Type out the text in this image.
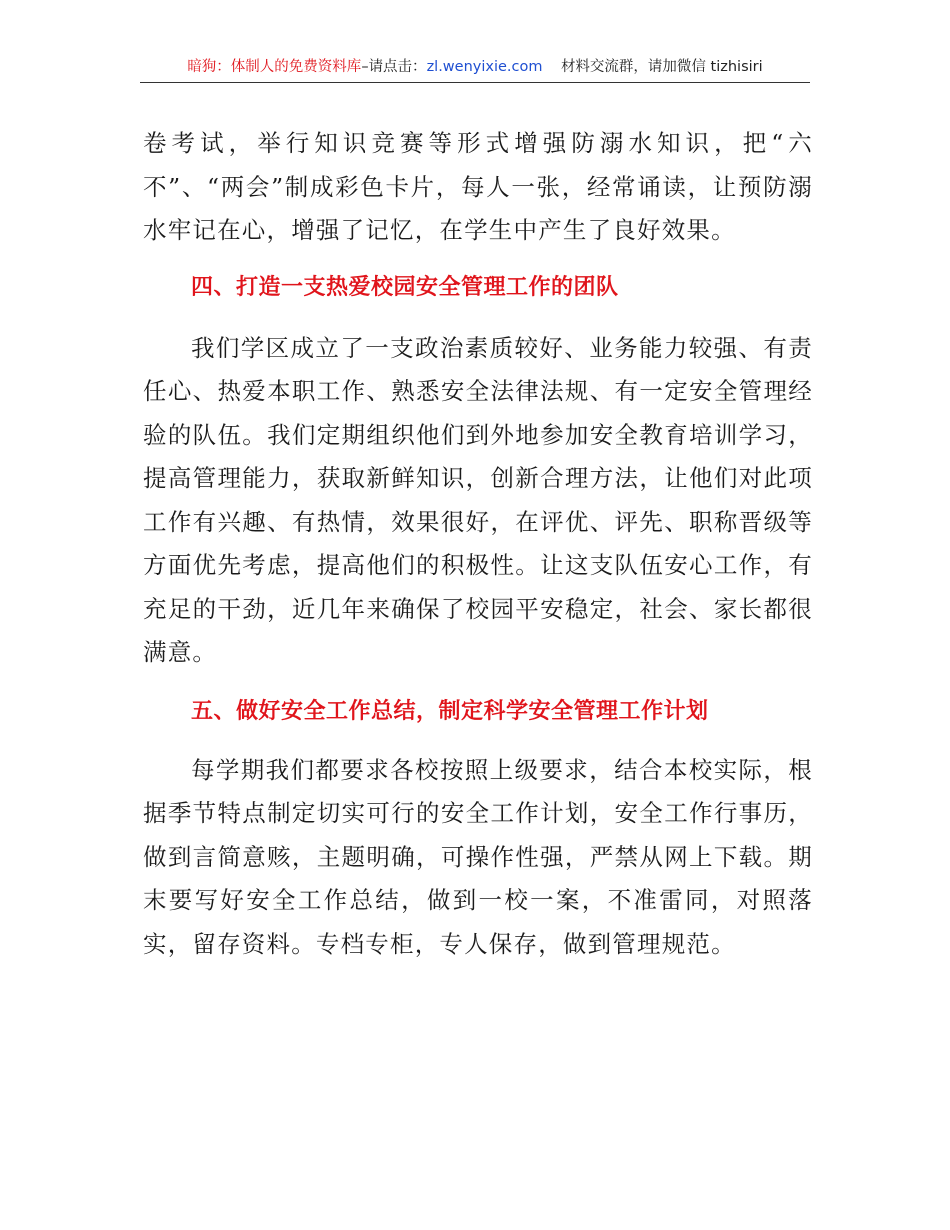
暗狗：体制人的免费资料库–请点击：zl.wenyixie.com 材料交流群，请加微信 tizhisiri

卷考试，举行知识竞赛等形式增强防溺水知识，把“六不”、“两会”制成彩色卡片，每人一张，经常诵读，让预防溺水牢记在心，增强了记忆，在学生中产生了良好效果。

四、打造一支热爱校园安全管理工作的团队

我们学区成立了一支政治素质较好、业务能力较强、有责任心、热爱本职工作、熟悉安全法律法规、有一定安全管理经验的队伍。我们定期组织他们到外地参加安全教育培训学习，提高管理能力，获取新鲜知识，创新合理方法，让他们对此项工作有兴趣、有热情，效果很好，在评优、评先、职称晋级等方面优先考虑，提高他们的积极性。让这支队伍安心工作，有充足的干劲，近几年来确保了校园平安稳定，社会、家长都很满意。

五、做好安全工作总结，制定科学安全管理工作计划

每学期我们都要求各校按照上级要求，结合本校实际，根据季节特点制定切实可行的安全工作计划，安全工作行事历，做到言简意赅，主题明确，可操作性强，严禁从网上下载。期末要写好安全工作总结，做到一校一案，不准雷同，对照落实，留存资料。专档专柜，专人保存，做到管理规范。
